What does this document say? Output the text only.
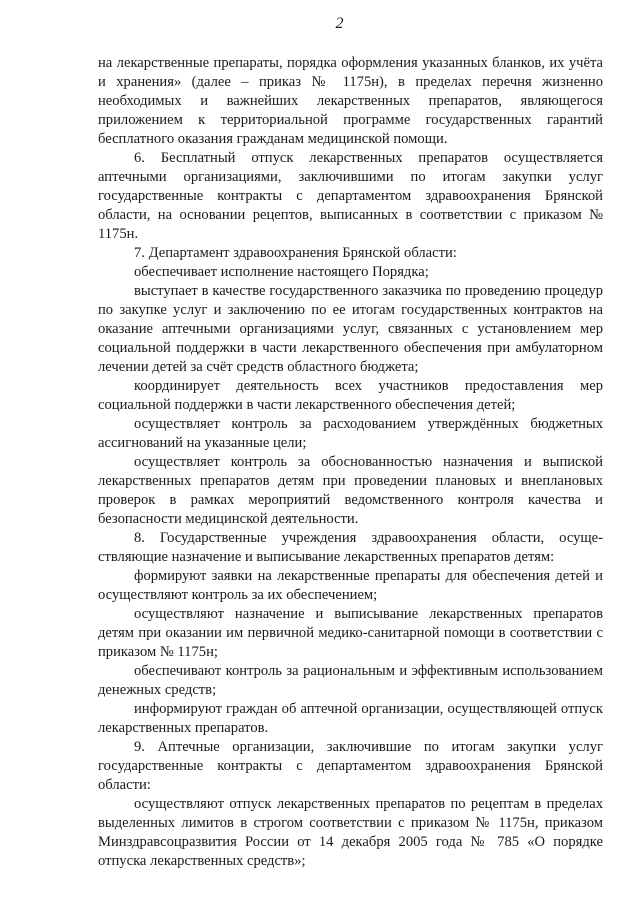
2

на лекарственные препараты, порядка оформления указанных бланков, их учёта и хранения» (далее – приказ № 1175н), в пределах перечня жизненно необходимых и важнейших лекарственных препаратов, являющегося приложением к территориальной программе государственных гарантий бесплатного оказания гражданам медицинской помощи.

6. Бесплатный отпуск лекарственных препаратов осуществляется аптечными организациями, заключившими по итогам закупки услуг государственные контракты с департаментом здравоохранения Брянской области, на основании рецептов, выписанных в соответствии с приказом № 1175н.

7. Департамент здравоохранения Брянской области:

обеспечивает исполнение настоящего Порядка;

выступает в качестве государственного заказчика по проведению процедур по закупке услуг и заключению по ее итогам государственных контрактов на оказание аптечными организациями услуг, связанных с установлением мер социальной поддержки в части лекарственного обеспечения при амбулаторном лечении детей за счёт средств областного бюджета;

координирует деятельность всех участников предоставления мер социальной поддержки в части лекарственного обеспечения детей;

осуществляет контроль за расходованием утверждённых бюджетных ассигнований на указанные цели;

осуществляет контроль за обоснованностью назначения и выпиской лекарственных препаратов детям при проведении плановых и внеплановых проверок в рамках мероприятий ведомственного контроля качества и безопасности медицинской деятельности.

8. Государственные учреждения здравоохранения области, осуществляющие назначение и выписывание лекарственных препаратов детям:

формируют заявки на лекарственные препараты для обеспечения детей и осуществляют контроль за их обеспечением;

осуществляют назначение и выписывание лекарственных препаратов детям при оказании им первичной медико-санитарной помощи в соответствии с приказом № 1175н;

обеспечивают контроль за рациональным и эффективным использованием денежных средств;

информируют граждан об аптечной организации, осуществляющей отпуск лекарственных препаратов.

9. Аптечные организации, заключившие по итогам закупки услуг государственные контракты с департаментом здравоохранения Брянской области:

осуществляют отпуск лекарственных препаратов по рецептам в пределах выделенных лимитов в строгом соответствии с приказом № 1175н, приказом Минздравсоцразвития России от 14 декабря 2005 года № 785 «О порядке отпуска лекарственных средств»;
